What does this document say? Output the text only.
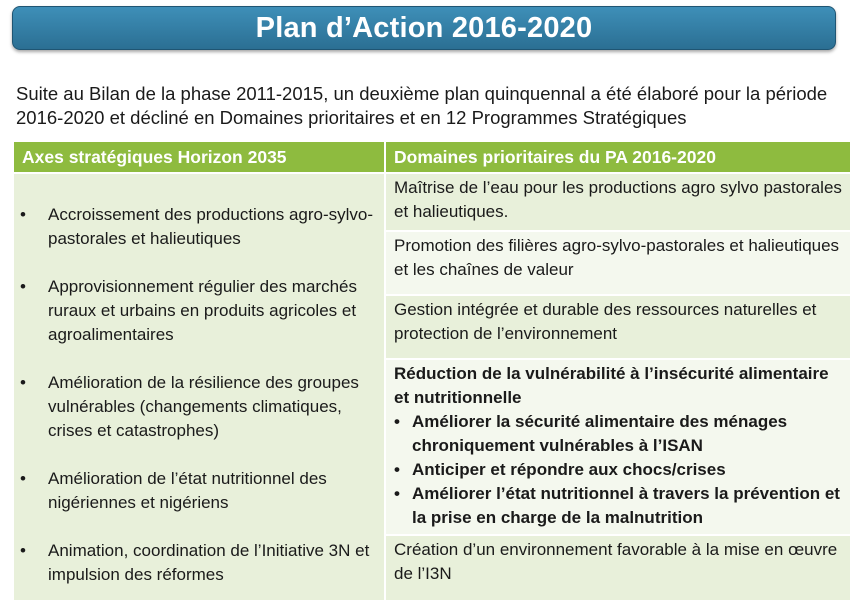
Plan d’Action 2016-2020

Suite au Bilan de la phase 2011-2015, un deuxième plan quinquennal a été élaboré pour la période 2016-2020 et décliné en Domaines prioritaires et en 12 Programmes Stratégiques

Axes stratégiques Horizon 2035	Domaines prioritaires du PA 2016-2020
• Accroissement des productions agro-sylvo-pastorales et halieutiques
• Approvisionnement régulier des marchés ruraux et urbains en produits agricoles et agroalimentaires
• Amélioration de la résilience des groupes vulnérables (changements climatiques, crises et catastrophes)
• Amélioration de l’état nutritionnel des nigériennes et nigériens
• Animation, coordination de l’Initiative 3N et impulsion des réformes
Maîtrise de l’eau pour les productions agro sylvo pastorales et halieutiques.
Promotion des filières agro-sylvo-pastorales et halieutiques et les chaînes de valeur
Gestion intégrée et durable des ressources naturelles et protection de l’environnement
Réduction de la vulnérabilité à l’insécurité alimentaire et nutritionnelle
• Améliorer la sécurité alimentaire des ménages chroniquement vulnérables à l’ISAN
• Anticiper et répondre aux chocs/crises
• Améliorer l’état nutritionnel à travers la prévention et la prise en charge de la malnutrition
Création d’un environnement favorable à la mise en œuvre de l’I3N
